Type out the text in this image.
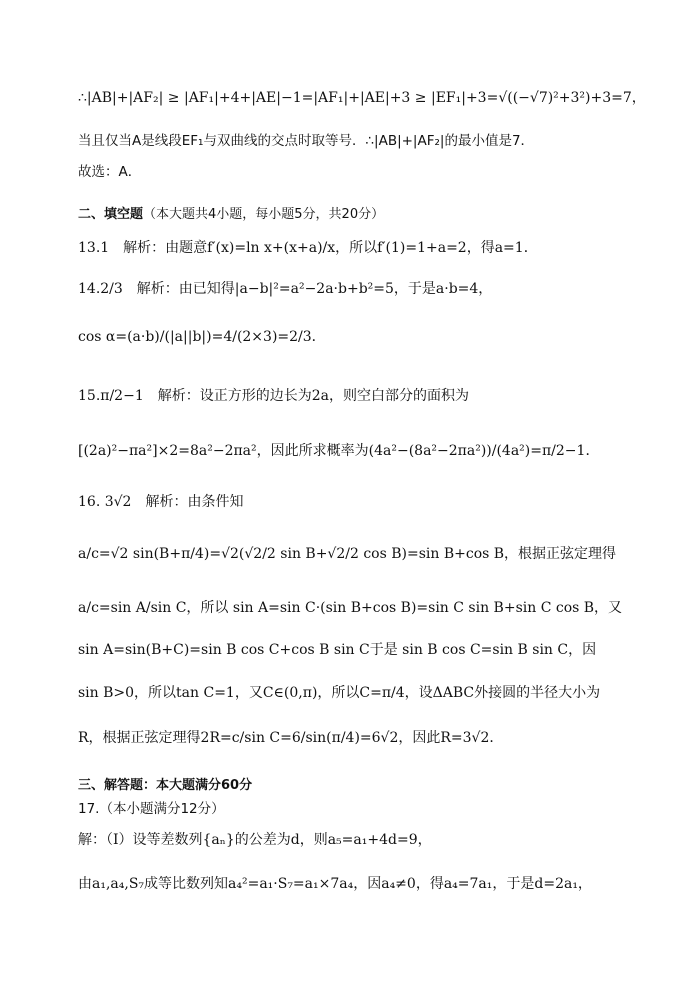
∴|AB|+|AF₂| ≥ |AF₁|+4+|AE|−1=|AF₁|+|AE|+3 ≥ |EF₁|+3=√((−√7)²+3²)+3=7，
当且仅当A是线段EF₁与双曲线的交点时取等号．∴|AB|+|AF₂|的最小值是7．
故选：A．
二、填空题（本大题共4小题，每小题5分，共20分）
13.1　解析：由题意f′(x)=ln x+(x+a)/x，所以f′(1)=1+a=2，得a=1．
14.2/3　解析：由已知得|a−b|²=a²−2a·b+b²=5，于是a·b=4，
cos α=(a·b)/(|a||b|)=4/(2×3)=2/3．
15.π/2−1　解析：设正方形的边长为2a，则空白部分的面积为
[(2a)²−πa²]×2=8a²−2πa²，因此所求概率为(4a²−(8a²−2πa²))/(4a²)=π/2−1．
16. 3√2　解析：由条件知
a/c=√2 sin(B+π/4)=√2(√2/2 sin B+√2/2 cos B)=sin B+cos B，根据正弦定理得
a/c=sin A/sin C，所以 sin A=sin C·(sin B+cos B)=sin C sin B+sin C cos B，又
sin A=sin(B+C)=sin B cos C+cos B sin C于是 sin B cos C=sin B sin C，因
sin B>0，所以tan C=1，又C∈(0,π)，所以C=π/4，设ΔABC外接圆的半径大小为
R，根据正弦定理得2R=c/sin C=6/sin(π/4)=6√2，因此R=3√2．
三、解答题：本大题满分60分
17.（本小题满分12分）
解：（Ⅰ）设等差数列{aₙ}的公差为d，则a₅=a₁+4d=9，
由a₁,a₄,S₇成等比数列知a₄²=a₁·S₇=a₁×7a₄，因a₄≠0，得a₄=7a₁，于是d=2a₁，
